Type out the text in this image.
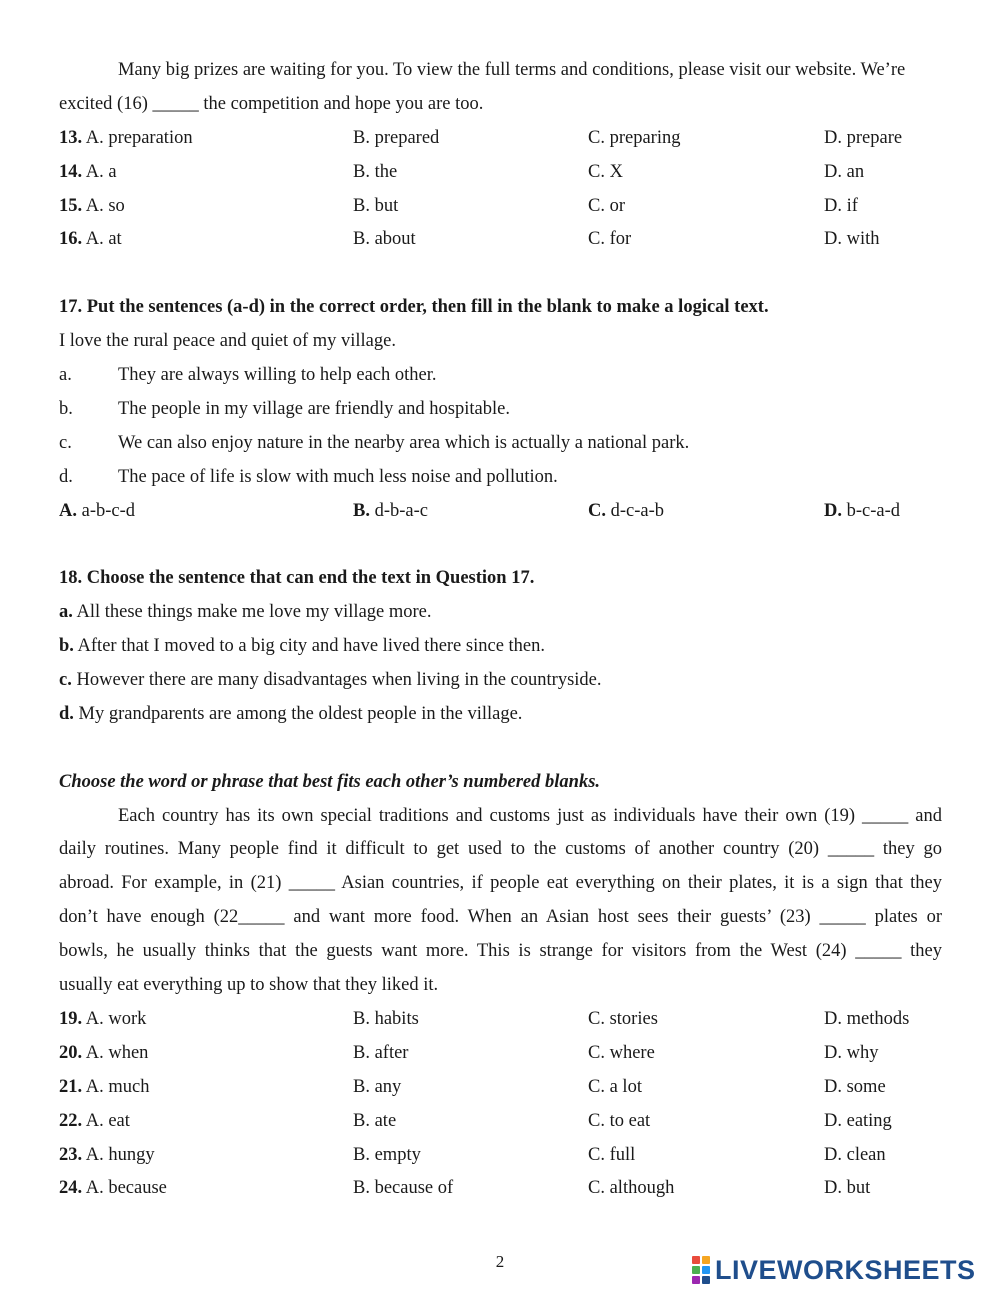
Many big prizes are waiting for you. To view the full terms and conditions, please visit our website. We’re
excited (16) _____ the competition and hope you are too.
13. A. preparation	B. prepared	C. preparing	D. prepare
14. A. a	B. the	C. X	D. an
15. A. so	B. but	C. or	D. if
16. A. at	B. about	C. for	D. with
17. Put the sentences (a-d) in the correct order, then fill in the blank to make a logical text.
I love the rural peace and quiet of my village.
a. They are always willing to help each other.
b. The people in my village are friendly and hospitable.
c. We can also enjoy nature in the nearby area which is actually a national park.
d. The pace of life is slow with much less noise and pollution.
A. a-b-c-d	B. d-b-a-c	C. d-c-a-b	D. b-c-a-d
18. Choose the sentence that can end the text in Question 17.
a. All these things make me love my village more.
b. After that I moved to a big city and have lived there since then.
c. However there are many disadvantages when living in the countryside.
d. My grandparents are among the oldest people in the village.
Choose the word or phrase that best fits each other’s numbered blanks.
Each country has its own special traditions and customs just as individuals have their own (19) _____ and
daily routines. Many people find it difficult to get used to the customs of another country (20) _____ they go
abroad. For example, in (21) _____ Asian countries, if people eat everything on their plates, it is a sign that they
don’t have enough (22_____ and want more food. When an Asian host sees their guests’ (23) _____ plates or
bowls, he usually thinks that the guests want more. This is strange for visitors from the West (24) _____ they
usually eat everything up to show that they liked it.
19. A. work	B. habits	C. stories	D. methods
20. A. when	B. after	C. where	D. why
21. A. much	B. any	C. a lot	D. some
22. A. eat	B. ate	C. to eat	D. eating
23. A. hungy	B. empty	C. full	D. clean
24. A. because	B. because of	C. although	D. but
2	LIVEWORKSHEETS
